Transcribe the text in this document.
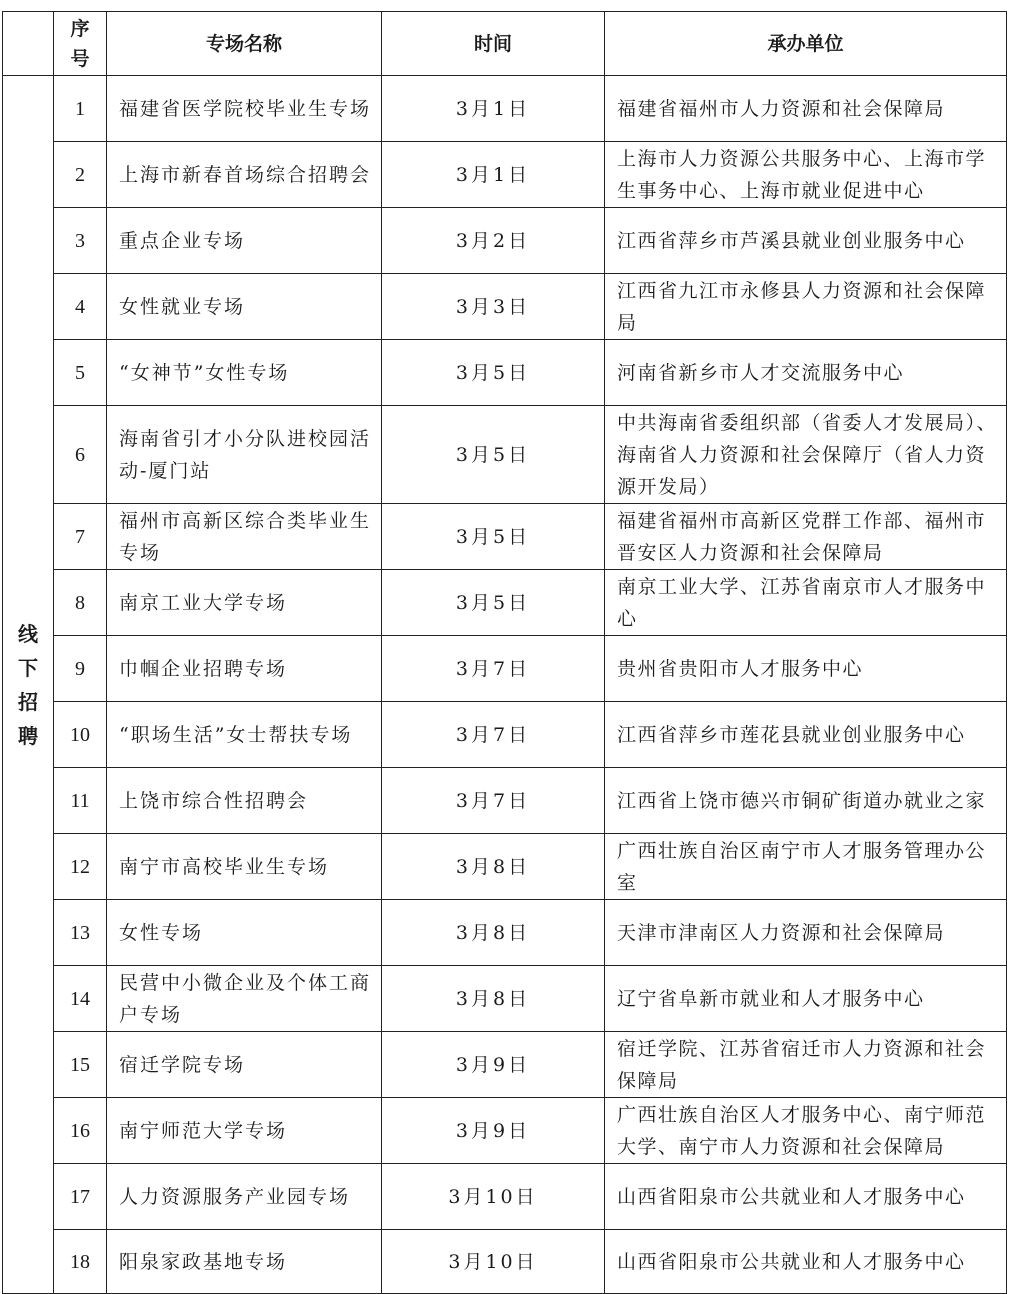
	序号	专场名称	时间	承办单位
线下招聘	1	福建省医学院校毕业生专场	3月1日	福建省福州市人力资源和社会保障局
	2	上海市新春首场综合招聘会	3月1日	上海市人力资源公共服务中心、上海市学生事务中心、上海市就业促进中心
	3	重点企业专场	3月2日	江西省萍乡市芦溪县就业创业服务中心
	4	女性就业专场	3月3日	江西省九江市永修县人力资源和社会保障局
	5	“女神节”女性专场	3月5日	河南省新乡市人才交流服务中心
	6	海南省引才小分队进校园活动-厦门站	3月5日	中共海南省委组织部（省委人才发展局）、海南省人力资源和社会保障厅（省人力资源开发局）
	7	福州市高新区综合类毕业生专场	3月5日	福建省福州市高新区党群工作部、福州市晋安区人力资源和社会保障局
	8	南京工业大学专场	3月5日	南京工业大学、江苏省南京市人才服务中心
	9	巾帼企业招聘专场	3月7日	贵州省贵阳市人才服务中心
	10	“职场生活”女士帮扶专场	3月7日	江西省萍乡市莲花县就业创业服务中心
	11	上饶市综合性招聘会	3月7日	江西省上饶市德兴市铜矿街道办就业之家
	12	南宁市高校毕业生专场	3月8日	广西壮族自治区南宁市人才服务管理办公室
	13	女性专场	3月8日	天津市津南区人力资源和社会保障局
	14	民营中小微企业及个体工商户专场	3月8日	辽宁省阜新市就业和人才服务中心
	15	宿迁学院专场	3月9日	宿迁学院、江苏省宿迁市人力资源和社会保障局
	16	南宁师范大学专场	3月9日	广西壮族自治区人才服务中心、南宁师范大学、南宁市人力资源和社会保障局
	17	人力资源服务产业园专场	3月10日	山西省阳泉市公共就业和人才服务中心
	18	阳泉家政基地专场	3月10日	山西省阳泉市公共就业和人才服务中心
